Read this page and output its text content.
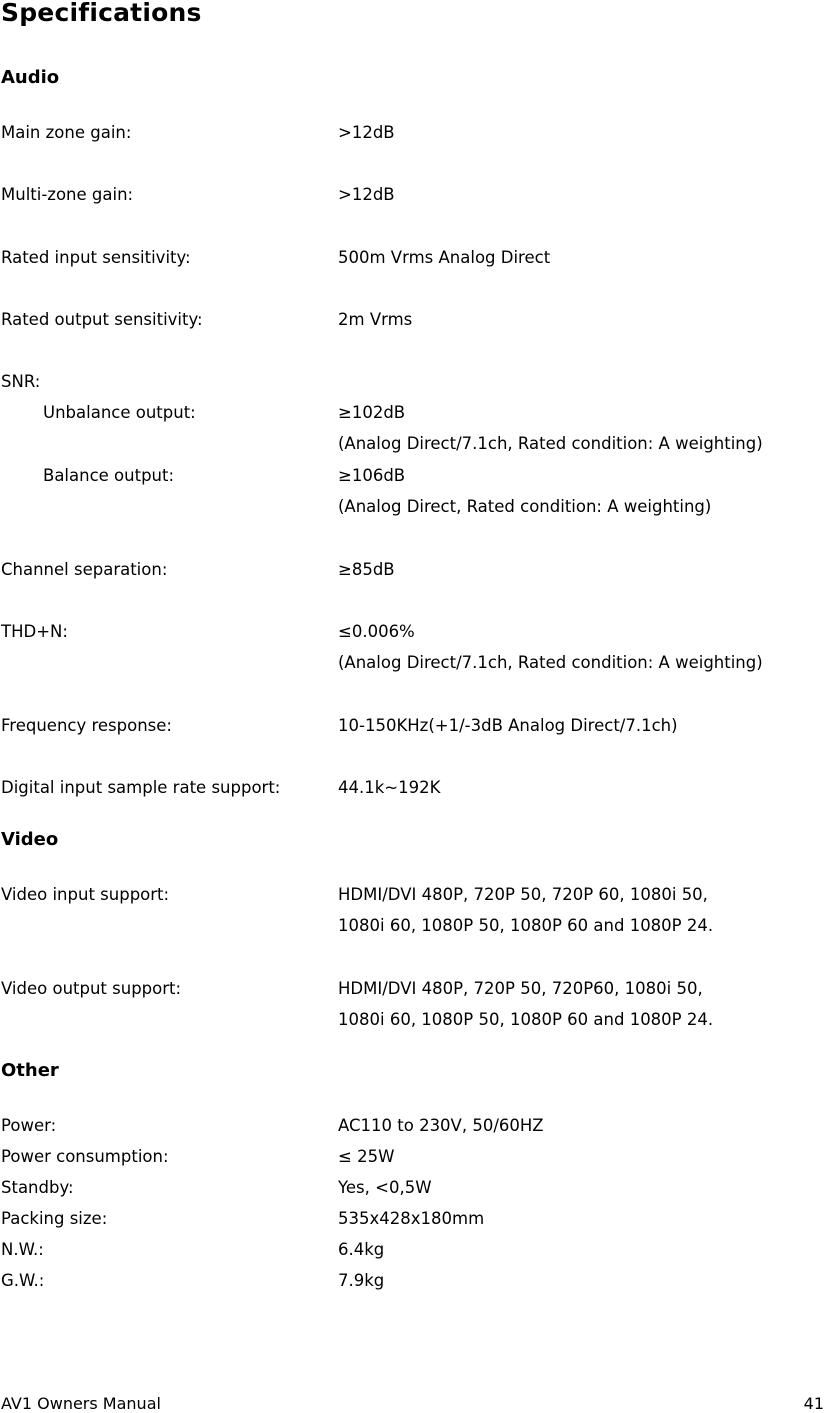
Specifications
Audio
Main zone gain:	>12dB
Multi-zone gain:	>12dB
Rated input sensitivity:	500m Vrms Analog Direct
Rated output sensitivity:	2m Vrms
SNR:
Unbalance output:	≥102dB
(Analog Direct/7.1ch, Rated condition: A weighting)
Balance output:	≥106dB
(Analog Direct, Rated condition: A weighting)
Channel separation:	≥85dB
THD+N:	≤0.006%
(Analog Direct/7.1ch, Rated condition: A weighting)
Frequency response:	10-150KHz(+1/-3dB Analog Direct/7.1ch)
Digital input sample rate support:	44.1k~192K
Video
Video input support:	HDMI/DVI 480P, 720P 50, 720P 60, 1080i 50,
1080i 60, 1080P 50, 1080P 60 and 1080P 24.
Video output support:	HDMI/DVI 480P, 720P 50, 720P60, 1080i 50,
1080i 60, 1080P 50, 1080P 60 and 1080P 24.
Other
Power:	AC110 to 230V, 50/60HZ
Power consumption:	≤ 25W
Standby:	Yes, <0,5W
Packing size:	535x428x180mm
N.W.:	6.4kg
G.W.:	7.9kg
AV1 Owners Manual	41
